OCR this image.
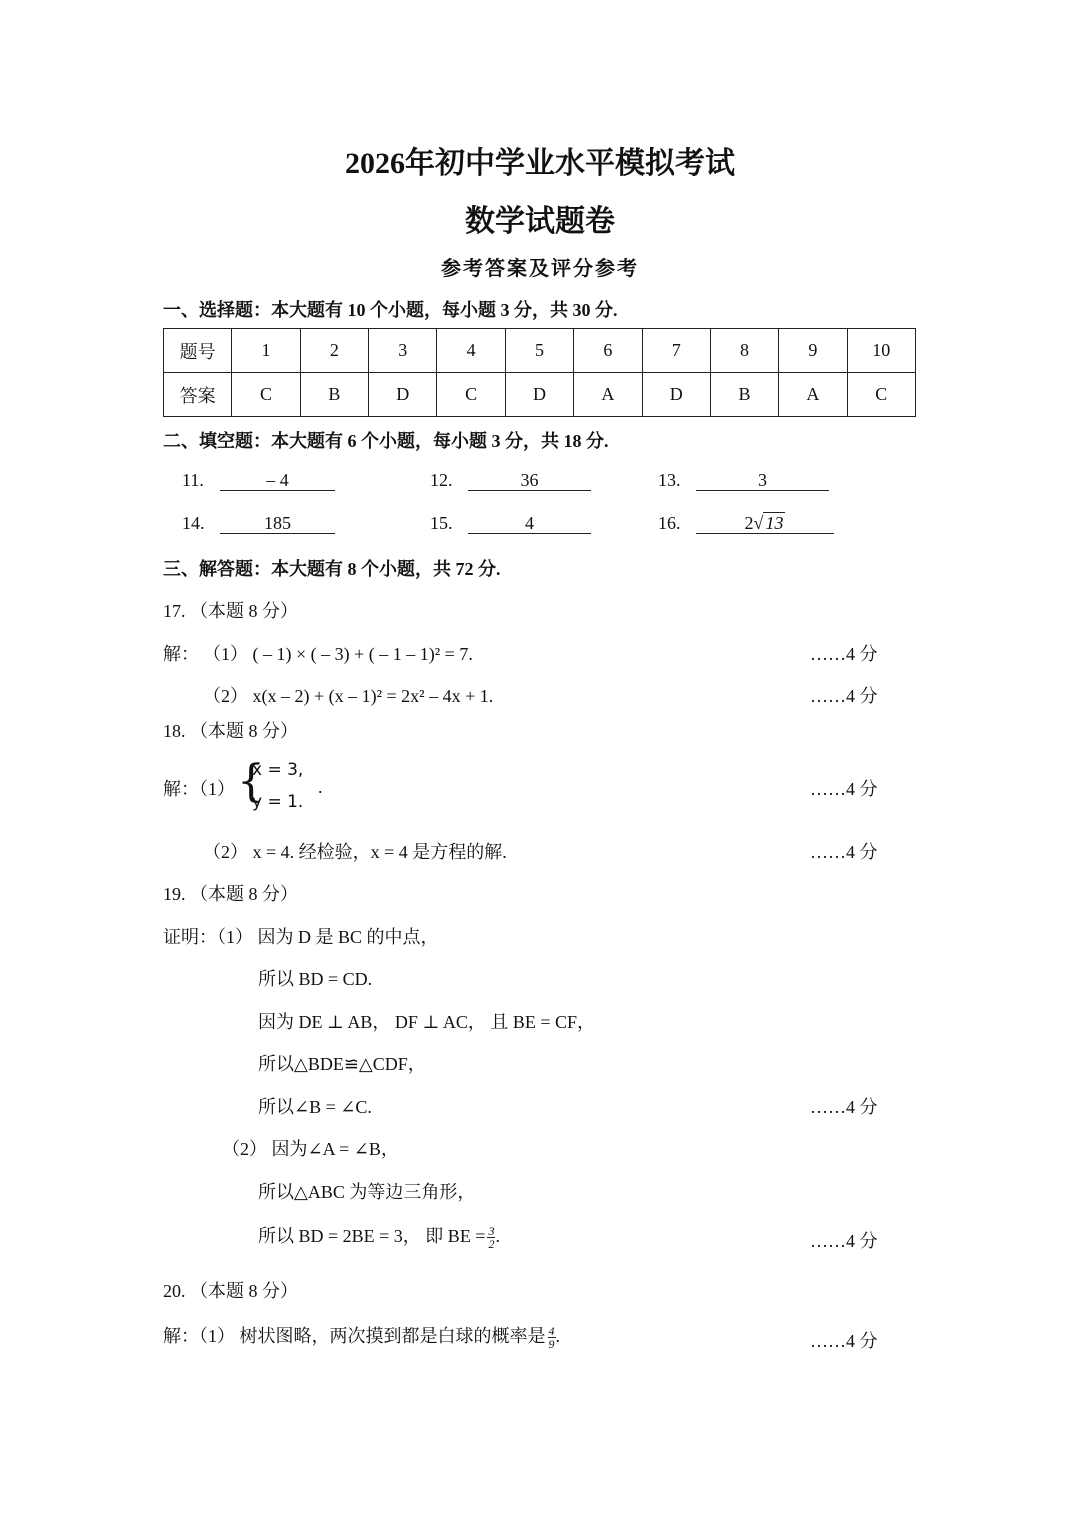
2026年初中学业水平模拟考试
数学试题卷
参考答案及评分参考
一、选择题：本大题有 10 个小题，每小题 3 分，共 30 分.
题号	1	2	3	4	5	6	7	8	9	10
答案	C	B	D	C	D	A	D	B	A	C
二、填空题：本大题有 6 个小题，每小题 3 分，共 18 分.
11.	– 4	12.	36	13.	3
14.	185	15.	4	16.	2√ 13
三、解答题：本大题有 8 个小题，共 72 分.
17. （本题 8 分）
解： （1） ( – 1) × ( – 3) + ( – 1 – 1)² = 7.	……4 分
（2） x(x – 2) + (x – 1)² = 2x² – 4x + 1.	……4 分
18. （本题 8 分）
解：（1） {
x = 3,
y = 1.
.	……4 分
（2） x = 4. 经检验，x = 4 是方程的解.	……4 分
19. （本题 8 分）
证明：（1） 因为 D 是 BC 的中点，
所以 BD = CD.
因为 DE ⊥ AB， DF ⊥ AC， 且 BE = CF，
所以△BDE≌△CDF，
所以∠B = ∠C.	……4 分
（2） 因为∠A = ∠B，
所以△ABC 为等边三角形，
所以 BD = 2BE = 3， 即 BE = $\frac{3}{2}$ .	……4 分
20. （本题 8 分）
解：（1） 树状图略，两次摸到都是白球的概率是 $\frac{4}{9}$ .	……4 分
